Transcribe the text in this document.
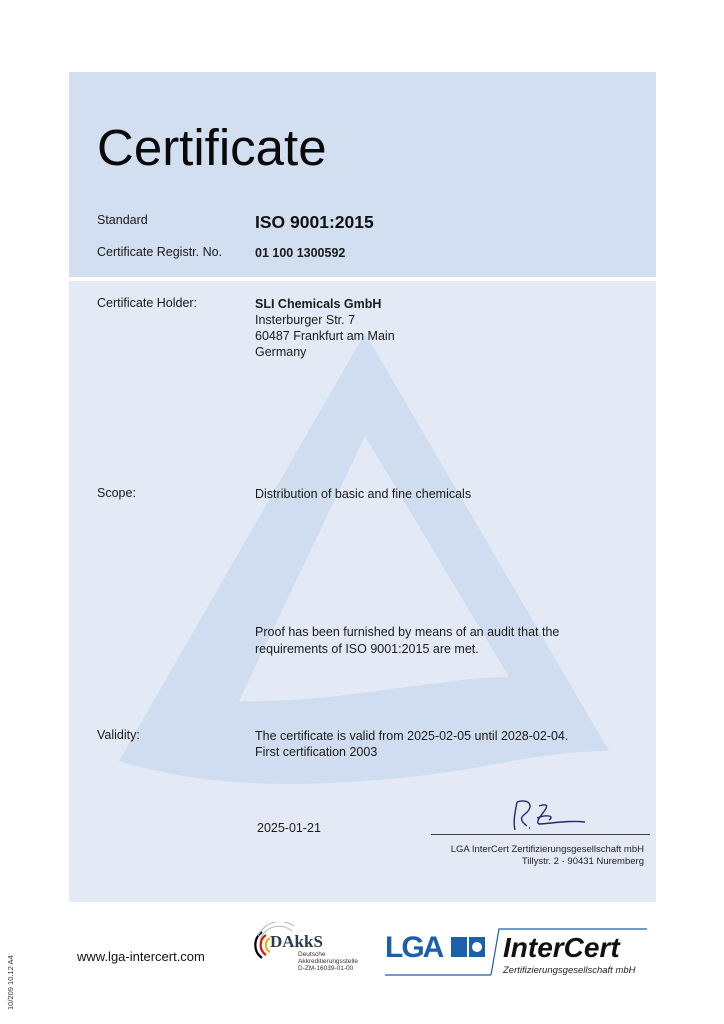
Certificate
Standard	ISO 9001:2015
Certificate Registr. No.	01 100 1300592
Certificate Holder:	SLI Chemicals GmbH
Insterburger Str. 7
60487 Frankfurt am Main
Germany
Scope:	Distribution of basic and fine chemicals
Proof has been furnished by means of an audit that the
requirements of ISO 9001:2015 are met.
Validity:	The certificate is valid from 2025-02-05 until 2028-02-04.
First certification 2003
2025-01-21
LGA InterCert Zertifizierungsgesellschaft mbH
Tillystr. 2 · 90431 Nuremberg
www.lga-intercert.com
10/209 10.12 A4
DAkkS
Deutsche
Akkreditierungsstelle
D-ZM-16039-01-00
LGA InterCert
Zertifizierungsgesellschaft mbH
